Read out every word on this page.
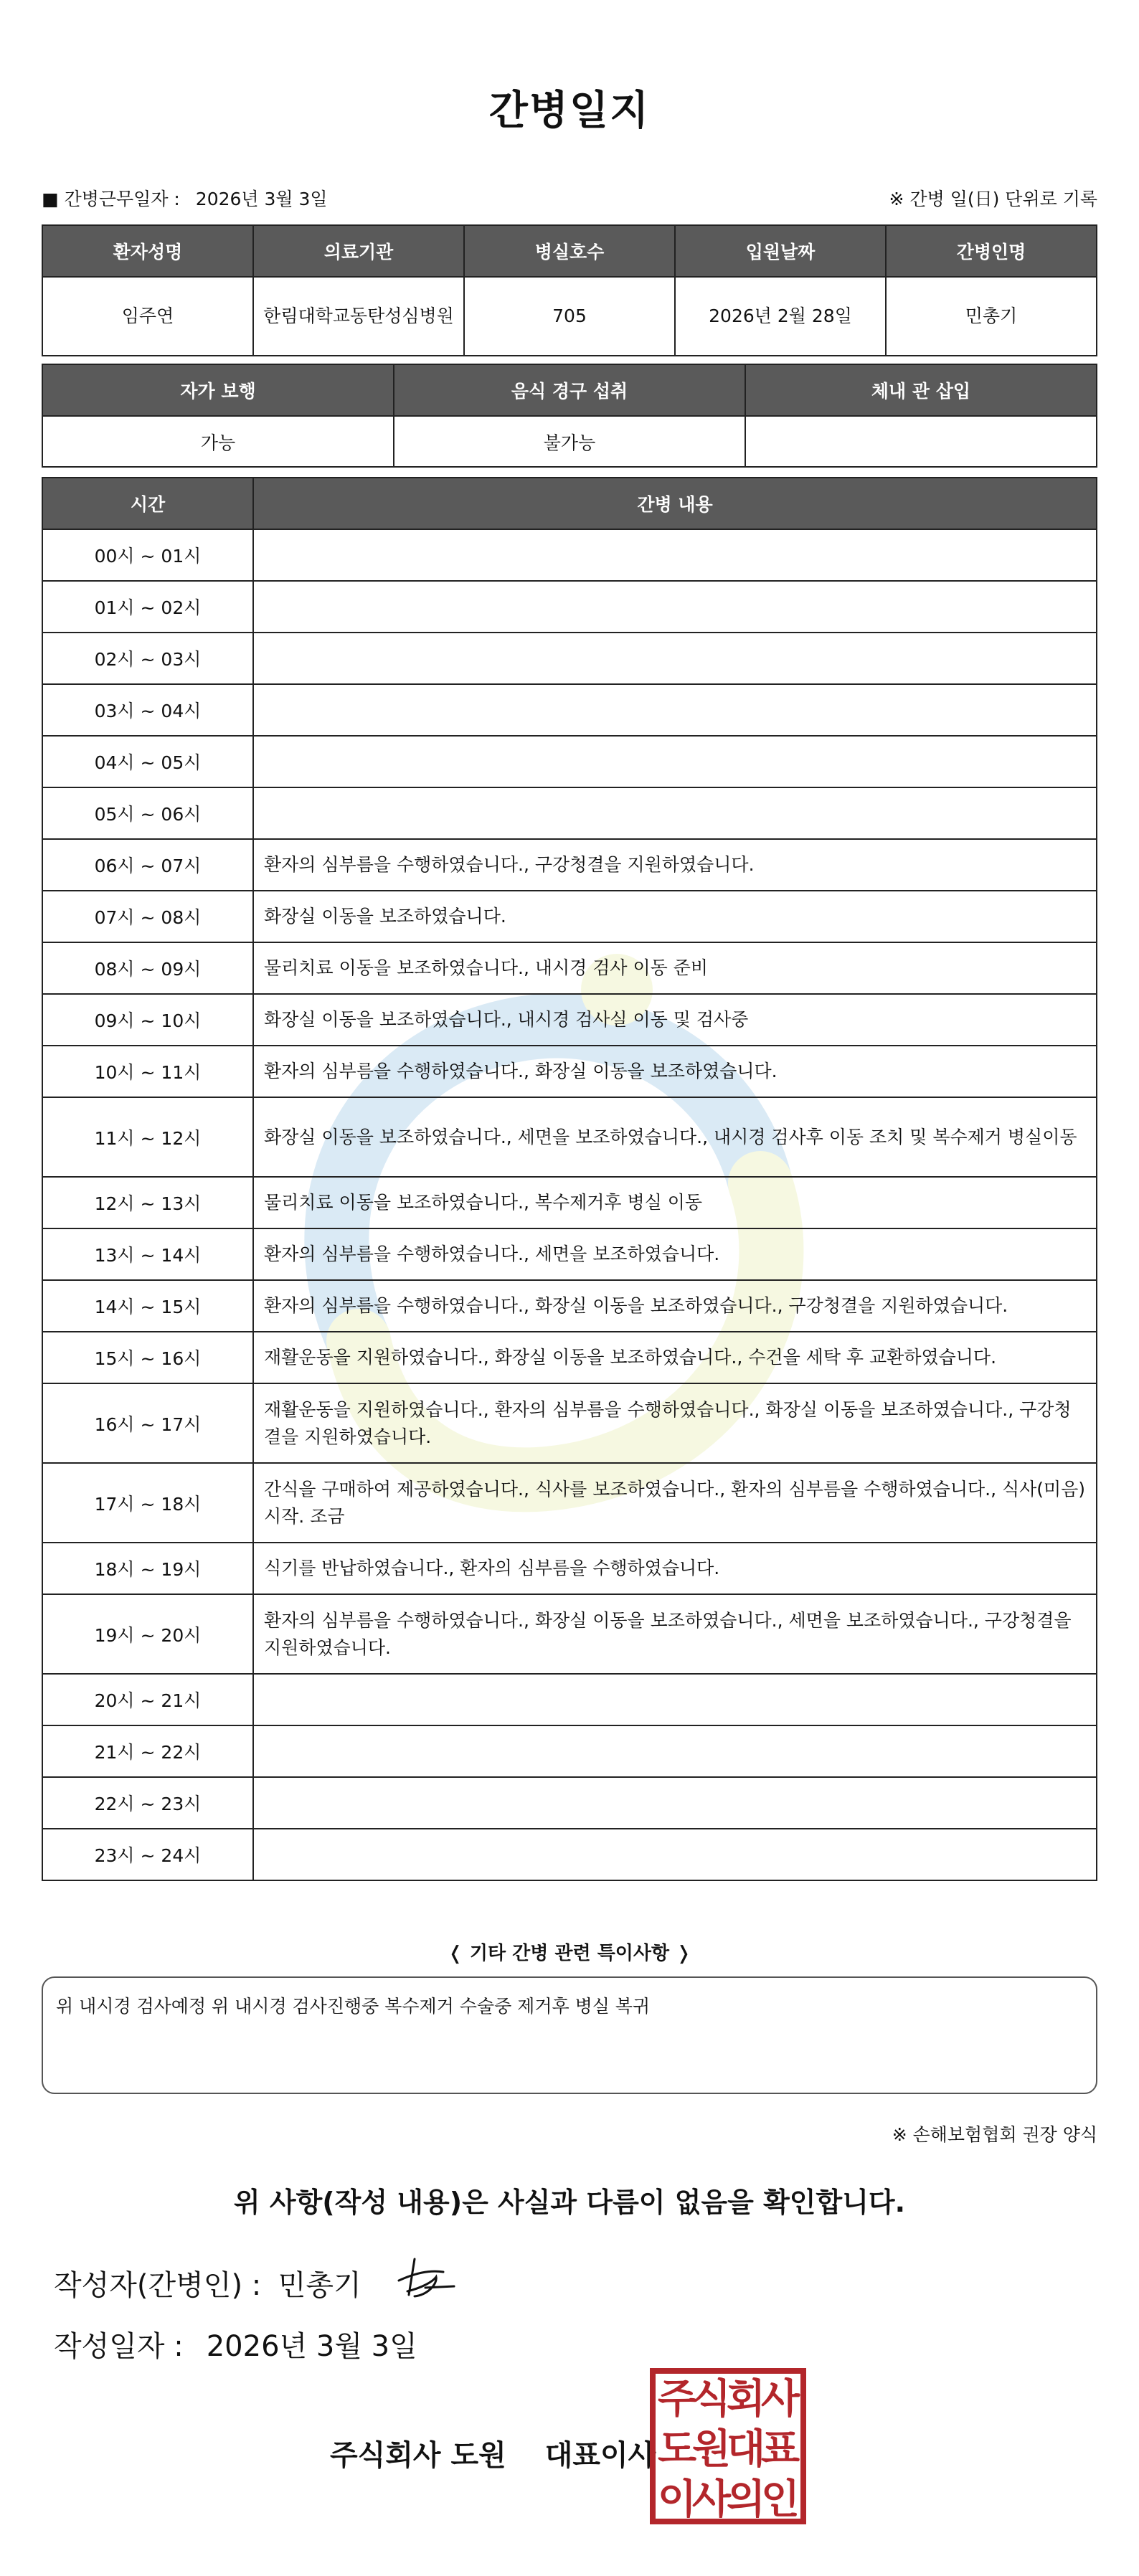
간병일지
■ 간병근무일자 : 2026년 3월 3일	※ 간병 일(日) 단위로 기록
환자성명	의료기관	병실호수	입원날짜	간병인명
임주연	한림대학교동탄성심병원	705	2026년 2월 28일	민총기
자가 보행	음식 경구 섭취	체내 관 삽입
가능	불가능	
시간	간병 내용
00시 ~ 01시	
01시 ~ 02시	
02시 ~ 03시	
03시 ~ 04시	
04시 ~ 05시	
05시 ~ 06시	
06시 ~ 07시	환자의 심부름을 수행하였습니다., 구강청결을 지원하였습니다.
07시 ~ 08시	화장실 이동을 보조하였습니다.
08시 ~ 09시	물리치료 이동을 보조하였습니다., 내시경 검사 이동 준비
09시 ~ 10시	화장실 이동을 보조하였습니다., 내시경 검사실 이동 및 검사중
10시 ~ 11시	환자의 심부름을 수행하였습니다., 화장실 이동을 보조하였습니다.
11시 ~ 12시	화장실 이동을 보조하였습니다., 세면을 보조하였습니다., 내시경 검사후 이동 조치 및 복수제거 병실이동
12시 ~ 13시	물리치료 이동을 보조하였습니다., 복수제거후 병실 이동
13시 ~ 14시	환자의 심부름을 수행하였습니다., 세면을 보조하였습니다.
14시 ~ 15시	환자의 심부름을 수행하였습니다., 화장실 이동을 보조하였습니다., 구강청결을 지원하였습니다.
15시 ~ 16시	재활운동을 지원하였습니다., 화장실 이동을 보조하였습니다., 수건을 세탁 후 교환하였습니다.
16시 ~ 17시	재활운동을 지원하였습니다., 환자의 심부름을 수행하였습니다., 화장실 이동을 보조하였습니다., 구강청결을 지원하였습니다.
17시 ~ 18시	간식을 구매하여 제공하였습니다., 식사를 보조하였습니다., 환자의 심부름을 수행하였습니다., 식사(미음)시작. 조금
18시 ~ 19시	식기를 반납하였습니다., 환자의 심부름을 수행하였습니다.
19시 ~ 20시	환자의 심부름을 수행하였습니다., 화장실 이동을 보조하였습니다., 세면을 보조하였습니다., 구강청결을 지원하였습니다.
20시 ~ 21시	
21시 ~ 22시	
22시 ~ 23시	
23시 ~ 24시	
❬ 기타 간병 관련 특이사항 ❭
위 내시경 검사예정 위 내시경 검사진행중 복수제거 수술중 제거후 병실 복귀
※ 손해보험협회 권장 양식
위 사항(작성 내용)은 사실과 다름이 없음을 확인합니다.
작성자(간병인) : 민총기
작성일자 : 2026년 3월 3일
주식회사 도원 대표이사
주
식
회
사
도
원
대
표
이
사
의
인
